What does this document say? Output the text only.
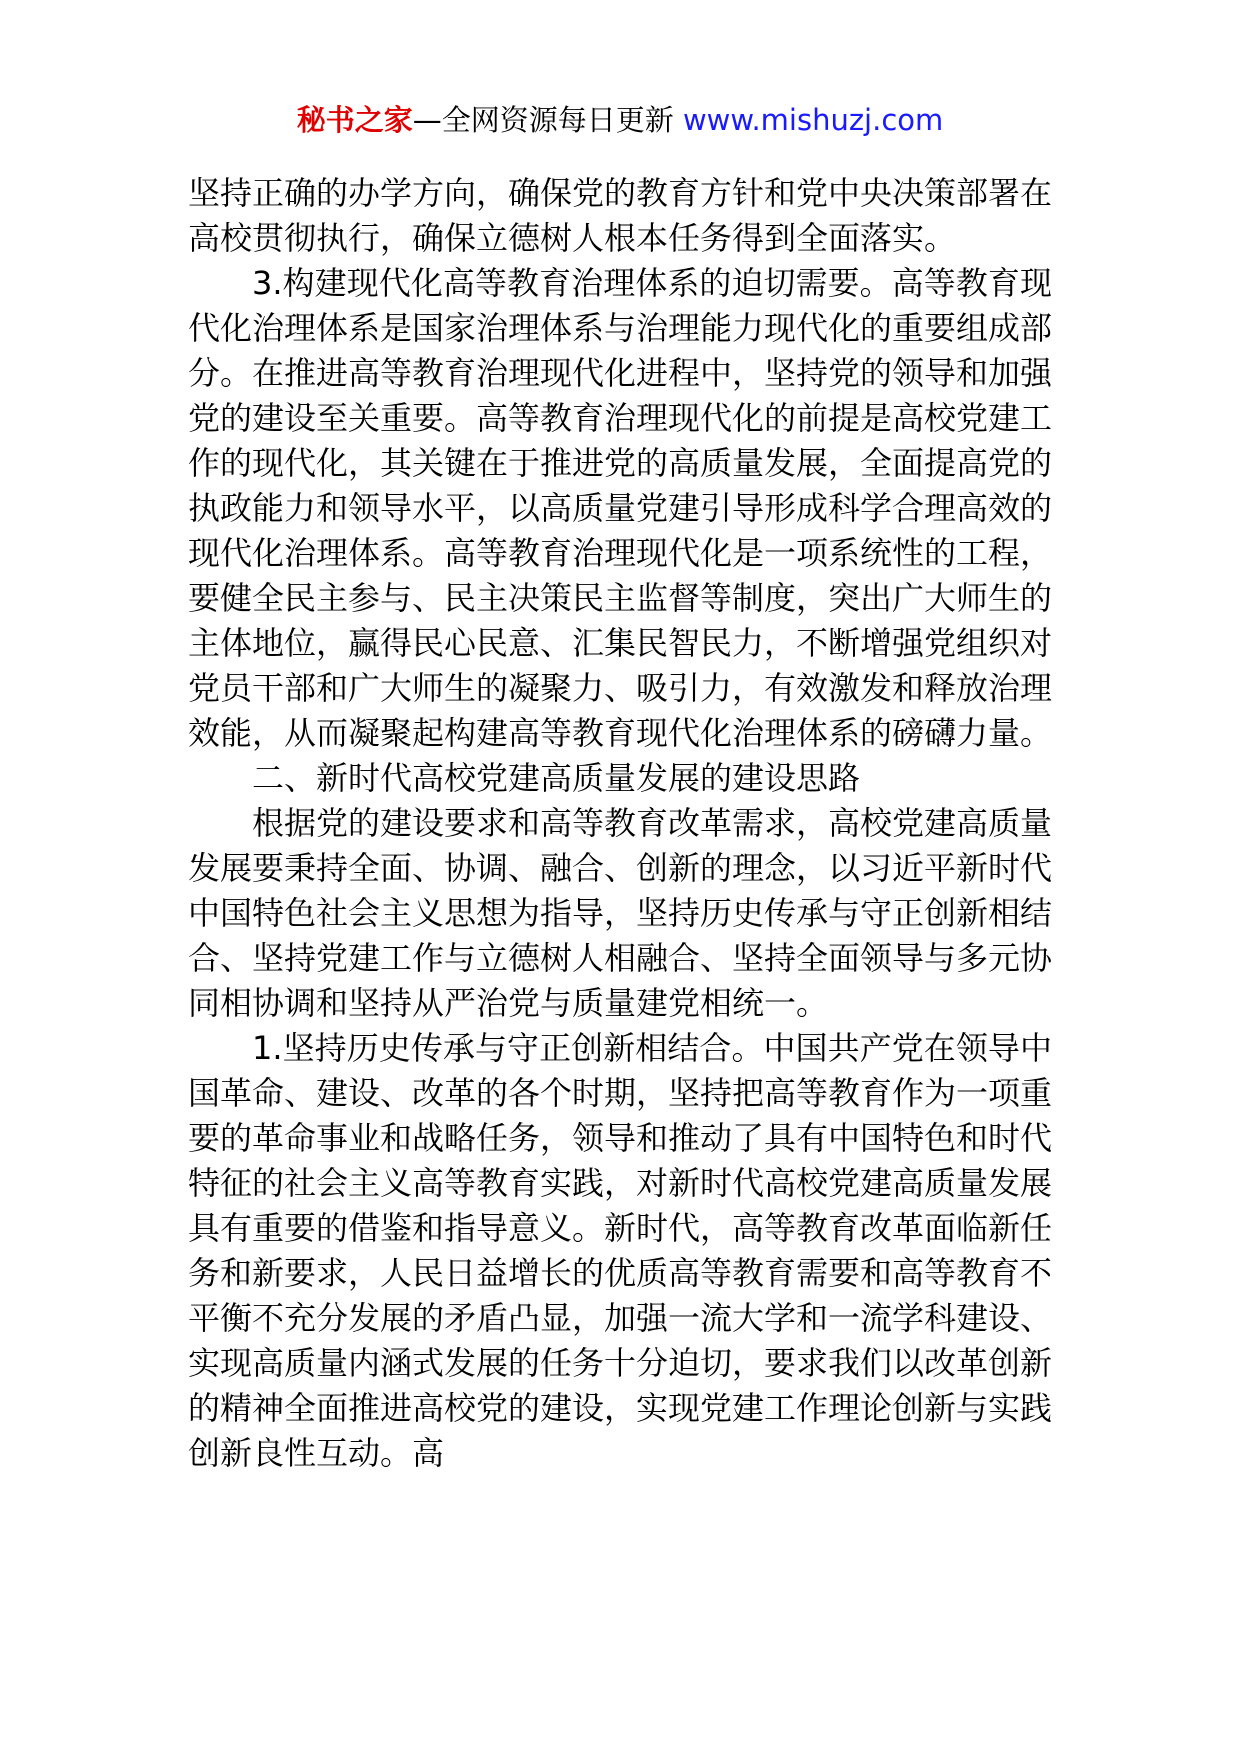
秘书之家—全网资源每日更新 www.mishuzj.com

坚持正确的办学方向，确保党的教育方针和党中央决策部署在高校贯彻执行，确保立德树人根本任务得到全面落实。

3.构建现代化高等教育治理体系的迫切需要。高等教育现代化治理体系是国家治理体系与治理能力现代化的重要组成部分。在推进高等教育治理现代化进程中，坚持党的领导和加强党的建设至关重要。高等教育治理现代化的前提是高校党建工作的现代化，其关键在于推进党的高质量发展，全面提高党的执政能力和领导水平，以高质量党建引导形成科学合理高效的现代化治理体系。高等教育治理现代化是一项系统性的工程，要健全民主参与、民主决策民主监督等制度，突出广大师生的主体地位，赢得民心民意、汇集民智民力，不断增强党组织对党员干部和广大师生的凝聚力、吸引力，有效激发和释放治理效能，从而凝聚起构建高等教育现代化治理体系的磅礴力量。

二、新时代高校党建高质量发展的建设思路

根据党的建设要求和高等教育改革需求，高校党建高质量发展要秉持全面、协调、融合、创新的理念，以习近平新时代中国特色社会主义思想为指导，坚持历史传承与守正创新相结合、坚持党建工作与立德树人相融合、坚持全面领导与多元协同相协调和坚持从严治党与质量建党相统一。

1.坚持历史传承与守正创新相结合。中国共产党在领导中国革命、建设、改革的各个时期，坚持把高等教育作为一项重要的革命事业和战略任务，领导和推动了具有中国特色和时代特征的社会主义高等教育实践，对新时代高校党建高质量发展具有重要的借鉴和指导意义。新时代，高等教育改革面临新任务和新要求，人民日益增长的优质高等教育需要和高等教育不平衡不充分发展的矛盾凸显，加强一流大学和一流学科建设、实现高质量内涵式发展的任务十分迫切，要求我们以改革创新的精神全面推进高校党的建设，实现党建工作理论创新与实践创新良性互动。高
